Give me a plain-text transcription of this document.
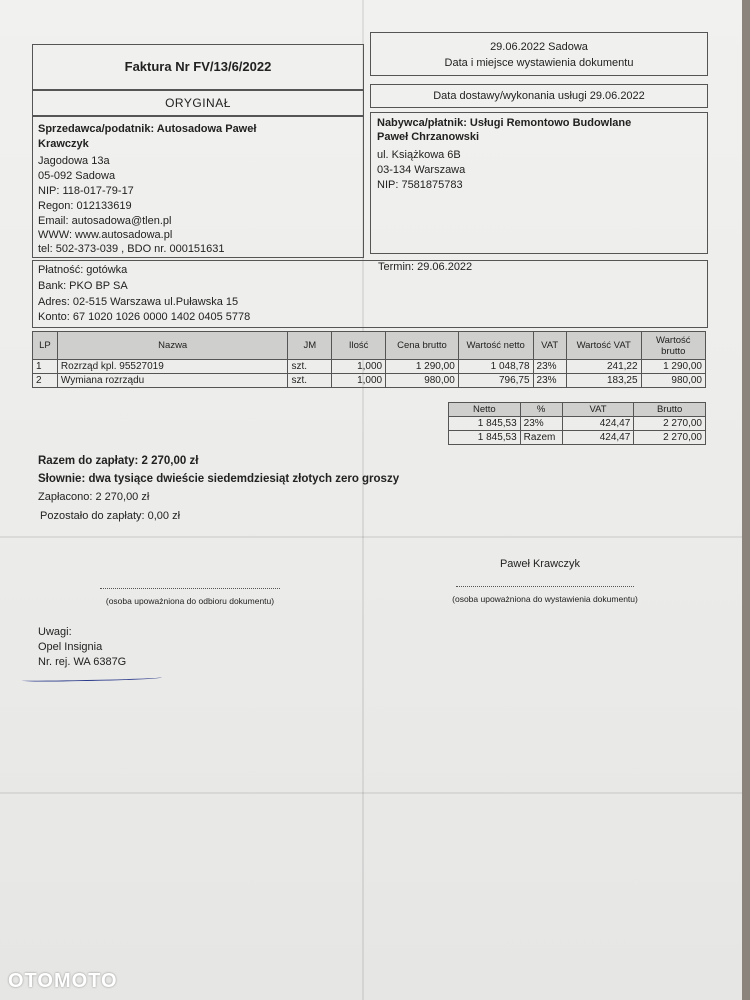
Faktura Nr FV/13/6/2022
ORYGINAŁ
29.06.2022 Sadowa
Data i miejsce wystawienia dokumentu
Data dostawy/wykonania usługi 29.06.2022
Sprzedawca/podatnik: Autosadowa Paweł
Krawczyk
Jagodowa 13a
05-092 Sadowa
NIP: 118-017-79-17
Regon: 012133619
Email: autosadowa@tlen.pl
WWW: www.autosadowa.pl
tel: 502-373-039 , BDO nr. 000151631
Nabywca/płatnik: Usługi Remontowo Budowlane
Paweł Chrzanowski
ul. Książkowa 6B
03-134 Warszawa
NIP: 7581875783
Płatność: gotówka	Termin: 29.06.2022
Bank: PKO BP SA
Adres: 02-515 Warszawa ul.Puławska 15
Konto: 67 1020 1026 0000 1402 0405 5778
LP	Nazwa	JM	Ilość	Cena brutto	Wartość netto	VAT	Wartość VAT	Wartość brutto
1	Rozrząd kpl. 95527019	szt.	1,000	1 290,00	1 048,78	23%	241,22	1 290,00
2	Wymiana rozrządu	szt.	1,000	980,00	796,75	23%	183,25	980,00
Netto	%	VAT	Brutto
1 845,53	23%	424,47	2 270,00
1 845,53	Razem	424,47	2 270,00
Razem do zapłaty: 2 270,00 zł
Słownie: dwa tysiące dwieście siedemdziesiąt złotych zero groszy
Zapłacono: 2 270,00 zł
Pozostało do zapłaty: 0,00 zł
Paweł Krawczyk
(osoba upoważniona do odbioru dokumentu)	(osoba upoważniona do wystawienia dokumentu)
Uwagi:
Opel Insignia
Nr. rej. WA 6387G
OTOMOTO
